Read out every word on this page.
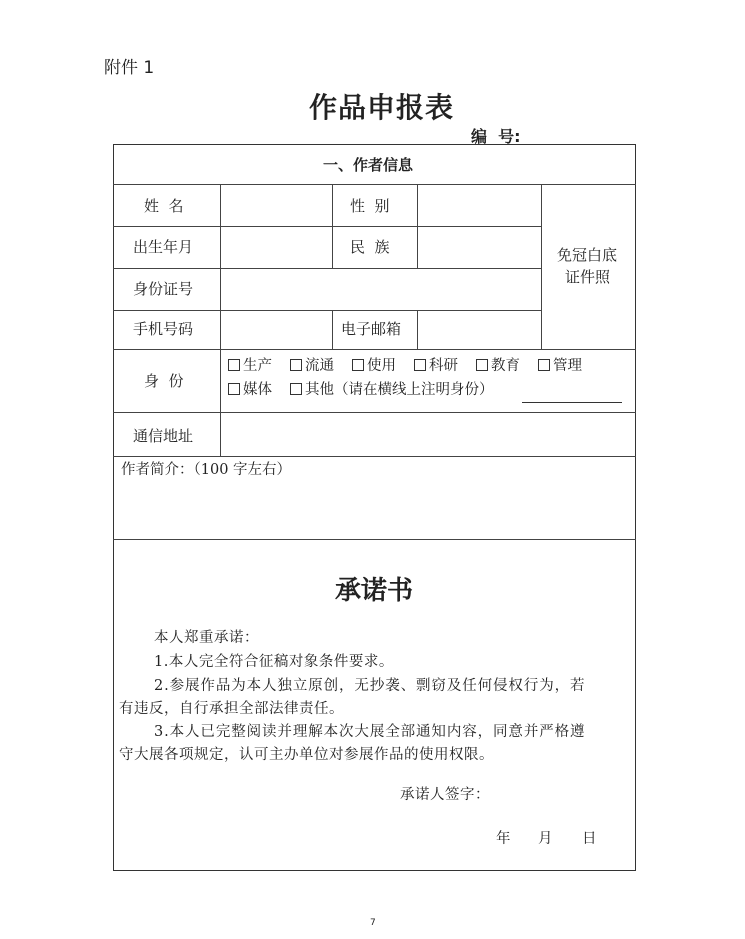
附件 1
作品申报表
编  号:
一、作者信息
姓  名	性  别
出生年月	民  族
身份证号
手机号码	电子邮箱
免冠白底
证件照
身  份
生产 流通 使用 科研 教育 管理
媒体 其他（请在横线上注明身份）
通信地址
作者简介：（100 字左右）
承诺书
本人郑重承诺：
1.本人完全符合征稿对象条件要求。
2.参展作品为本人独立原创，无抄袭、剽窃及任何侵权行为，若
有违反，自行承担全部法律责任。
3.本人已完整阅读并理解本次大展全部通知内容，同意并严格遵
守大展各项规定，认可主办单位对参展作品的使用权限。
承诺人签字：
年 月 日
7
